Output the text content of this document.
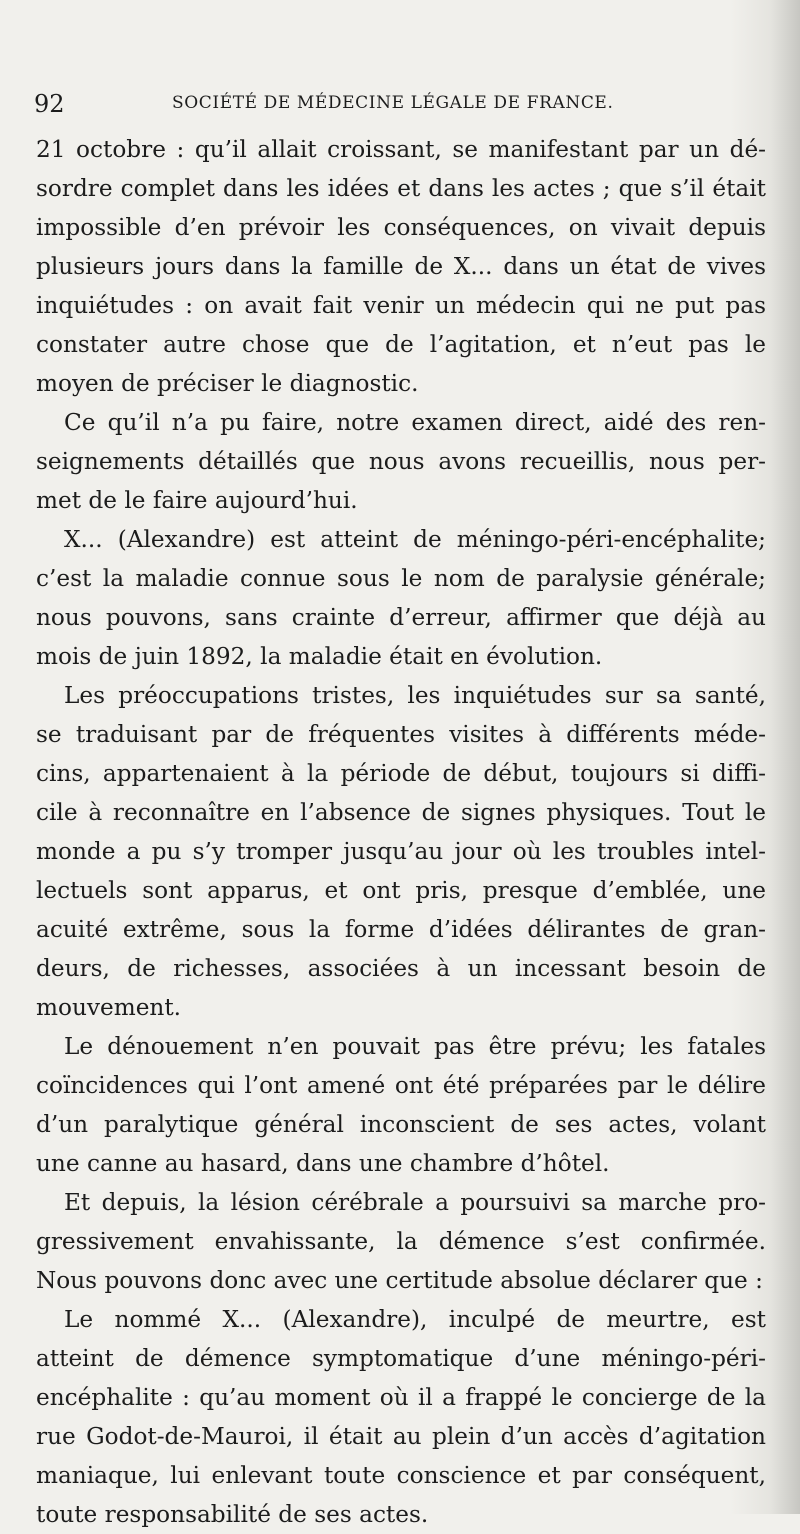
92	SOCIÉTÉ DE MÉDECINE LÉGALE DE FRANCE.
21 octobre : qu’il allait croissant, se manifestant par un dé-
sordre complet dans les idées et dans les actes ; que s’il était
impossible d’en prévoir les conséquences, on vivait depuis
plusieurs jours dans la famille de X... dans un état de vives
inquiétudes : on avait fait venir un médecin qui ne put pas
constater autre chose que de l’agitation, et n’eut pas le
moyen de préciser le diagnostic.
Ce qu’il n’a pu faire, notre examen direct, aidé des ren-
seignements détaillés que nous avons recueillis, nous per-
met de le faire aujourd’hui.
X... (Alexandre) est atteint de méningo-péri-encéphalite;
c’est la maladie connue sous le nom de paralysie générale;
nous pouvons, sans crainte d’erreur, affirmer que déjà au
mois de juin 1892, la maladie était en évolution.
Les préoccupations tristes, les inquiétudes sur sa santé,
se traduisant par de fréquentes visites à différents méde-
cins, appartenaient à la période de début, toujours si diffi-
cile à reconnaître en l’absence de signes physiques. Tout le
monde a pu s’y tromper jusqu’au jour où les troubles intel-
lectuels sont apparus, et ont pris, presque d’emblée, une
acuité extrême, sous la forme d’idées délirantes de gran-
deurs, de richesses, associées à un incessant besoin de
mouvement.
Le dénouement n’en pouvait pas être prévu; les fatales
coïncidences qui l’ont amené ont été préparées par le délire
d’un paralytique général inconscient de ses actes, volant
une canne au hasard, dans une chambre d’hôtel.
Et depuis, la lésion cérébrale a poursuivi sa marche pro-
gressivement envahissante, la démence s’est confirmée.
Nous pouvons donc avec une certitude absolue déclarer que :
Le nommé X... (Alexandre), inculpé de meurtre, est
atteint de démence symptomatique d’une méningo-péri-
encéphalite : qu’au moment où il a frappé le concierge de la
rue Godot-de-Mauroi, il était au plein d’un accès d’agitation
maniaque, lui enlevant toute conscience et par conséquent,
toute responsabilité de ses actes.
